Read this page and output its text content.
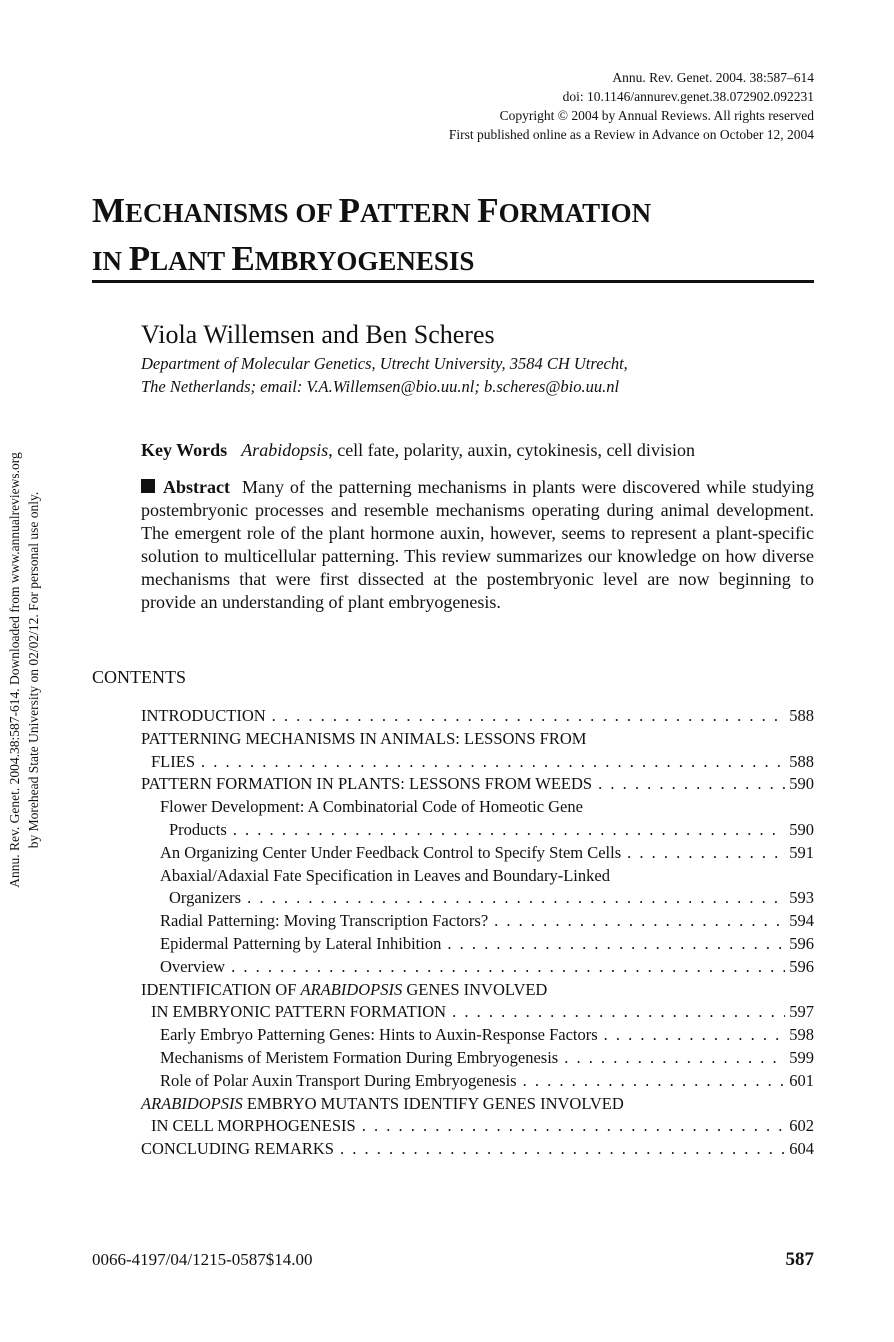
Annu. Rev. Genet. 2004.38:587-614. Downloaded from www.annualreviews.org by Morehead State University on 02/02/12. For personal use only.
Annu. Rev. Genet. 2004. 38:587–614
doi: 10.1146/annurev.genet.38.072902.092231
Copyright © 2004 by Annual Reviews. All rights reserved
First published online as a Review in Advance on October 12, 2004
MECHANISMS OF PATTERN FORMATION
IN PLANT EMBRYOGENESIS
Viola Willemsen and Ben Scheres
Department of Molecular Genetics, Utrecht University, 3584 CH Utrecht,
The Netherlands; email: V.A.Willemsen@bio.uu.nl; b.scheres@bio.uu.nl
Key Words Arabidopsis, cell fate, polarity, auxin, cytokinesis, cell division
Abstract Many of the patterning mechanisms in plants were discovered while studying postembryonic processes and resemble mechanisms operating during animal development. The emergent role of the plant hormone auxin, however, seems to represent a plant-specific solution to multicellular patterning. This review summarizes our knowledge on how diverse mechanisms that were first dissected at the postembryonic level are now beginning to provide an understanding of plant embryogenesis.
CONTENTS
INTRODUCTION . . .	588
PATTERNING MECHANISMS IN ANIMALS: LESSONS FROM
FLIES . . .	588
PATTERN FORMATION IN PLANTS: LESSONS FROM WEEDS . . .	590
Flower Development: A Combinatorial Code of Homeotic Gene
Products . . .	590
An Organizing Center Under Feedback Control to Specify Stem Cells . . .	591
Abaxial/Adaxial Fate Specification in Leaves and Boundary-Linked
Organizers . . .	593
Radial Patterning: Moving Transcription Factors? . . .	594
Epidermal Patterning by Lateral Inhibition . . .	596
Overview . . .	596
IDENTIFICATION OF ARABIDOPSIS GENES INVOLVED
IN EMBRYONIC PATTERN FORMATION . . .	597
Early Embryo Patterning Genes: Hints to Auxin-Response Factors . . .	598
Mechanisms of Meristem Formation During Embryogenesis . . .	599
Role of Polar Auxin Transport During Embryogenesis . . .	601
ARABIDOPSIS EMBRYO MUTANTS IDENTIFY GENES INVOLVED
IN CELL MORPHOGENESIS . . .	602
CONCLUDING REMARKS . . .	604
0066-4197/04/1215-0587$14.00	587
